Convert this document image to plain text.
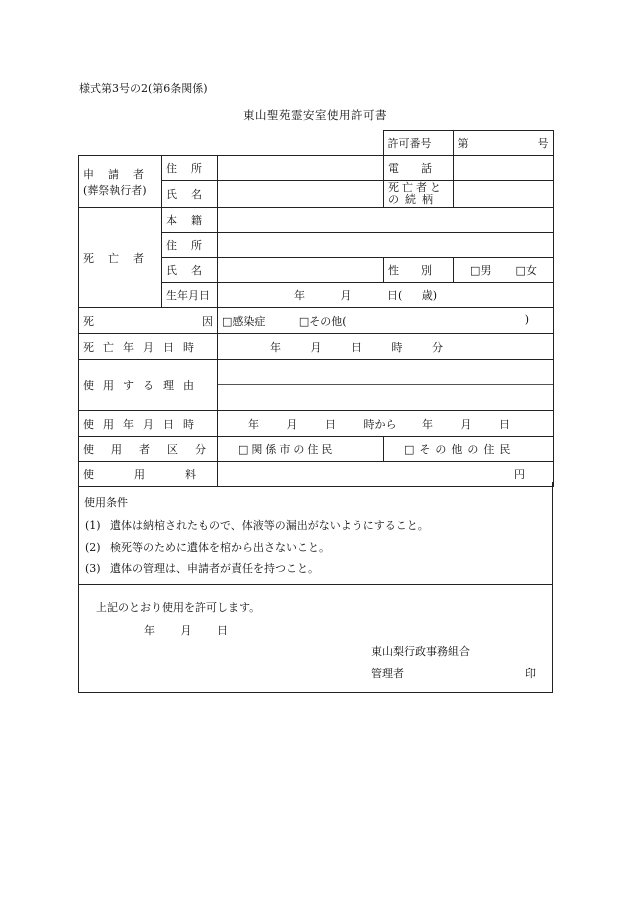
様式第3号の2(第6条関係)
東山聖苑霊安室使用許可書

許可番号	第	号
申請者
(葬祭執行者)	住所		電話	
	氏名		死亡者と
の続柄	

死亡者	本籍			
	住所			
	氏名		性別	□男 □女

	生年月日	年 月 日( 歳)		

死 因		□感染症 □その他( )		

死亡年月日時		年 月 日 時 分		
使用する理由				

使用年月日時		年 月 日 時から 年 月 日		
使用者区分		□関係市の住民 □その他の住民		

使用料		円		
使用条件
(1) 遺体は納棺されたもので、体液等の漏出がないようにすること。
(2) 検死等のために遺体を棺から出さないこと。
(3) 遺体の管理は、申請者が責任を持つこと。
上記のとおり使用を許可します。
年 月 日
東山梨行政事務組合
管理者	印
